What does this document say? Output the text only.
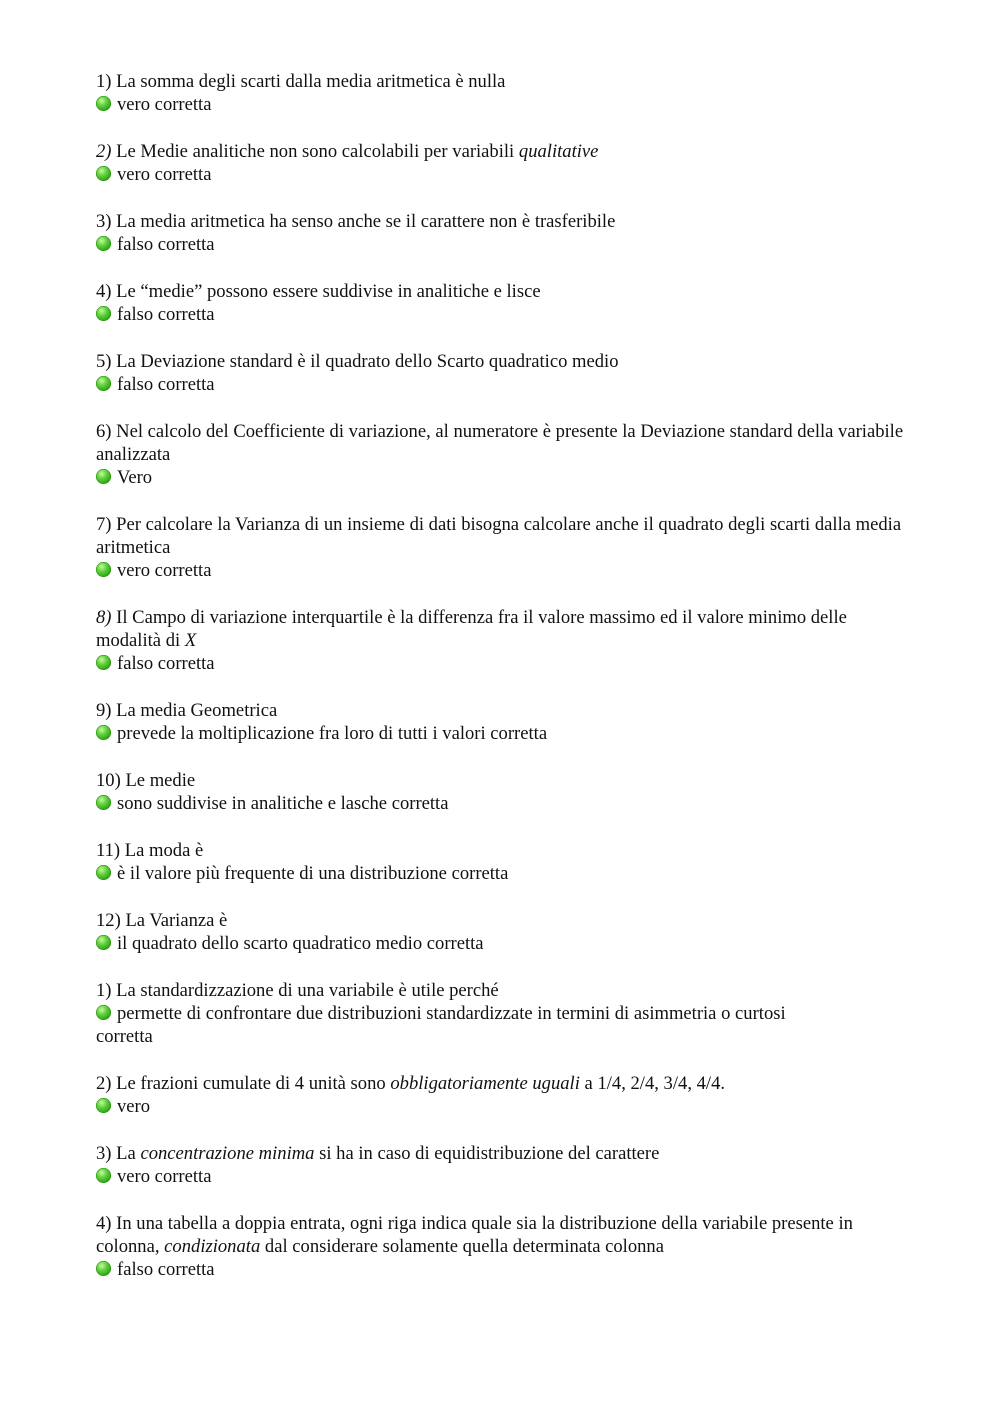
1) La somma degli scarti dalla media aritmetica è nulla
vero corretta
2) Le Medie analitiche non sono calcolabili per variabili qualitative
vero corretta
3) La media aritmetica ha senso anche se il carattere non è trasferibile
falso corretta
4) Le “medie” possono essere suddivise in analitiche e lisce
falso corretta
5) La Deviazione standard è il quadrato dello Scarto quadratico medio
falso corretta
6) Nel calcolo del Coefficiente di variazione, al numeratore è presente la Deviazione standard della variabile analizzata
Vero
7) Per calcolare la Varianza di un insieme di dati bisogna calcolare anche il quadrato degli scarti dalla media aritmetica
vero corretta
8) Il Campo di variazione interquartile è la differenza fra il valore massimo ed il valore minimo delle modalità di X
falso corretta
9) La media Geometrica
prevede la moltiplicazione fra loro di tutti i valori corretta
10) Le medie
sono suddivise in analitiche e lasche corretta
11) La moda è
è il valore più frequente di una distribuzione corretta
12) La Varianza è
il quadrato dello scarto quadratico medio corretta
1) La standardizzazione di una variabile è utile perché
permette di confrontare due distribuzioni standardizzate in termini di asimmetria o curtosi corretta
2) Le frazioni cumulate di 4 unità sono obbligatoriamente uguali a 1/4, 2/4, 3/4, 4/4.
vero
3) La concentrazione minima si ha in caso di equidistribuzione del carattere
vero corretta
4) In una tabella a doppia entrata, ogni riga indica quale sia la distribuzione della variabile presente in colonna, condizionata dal considerare solamente quella determinata colonna
falso corretta
